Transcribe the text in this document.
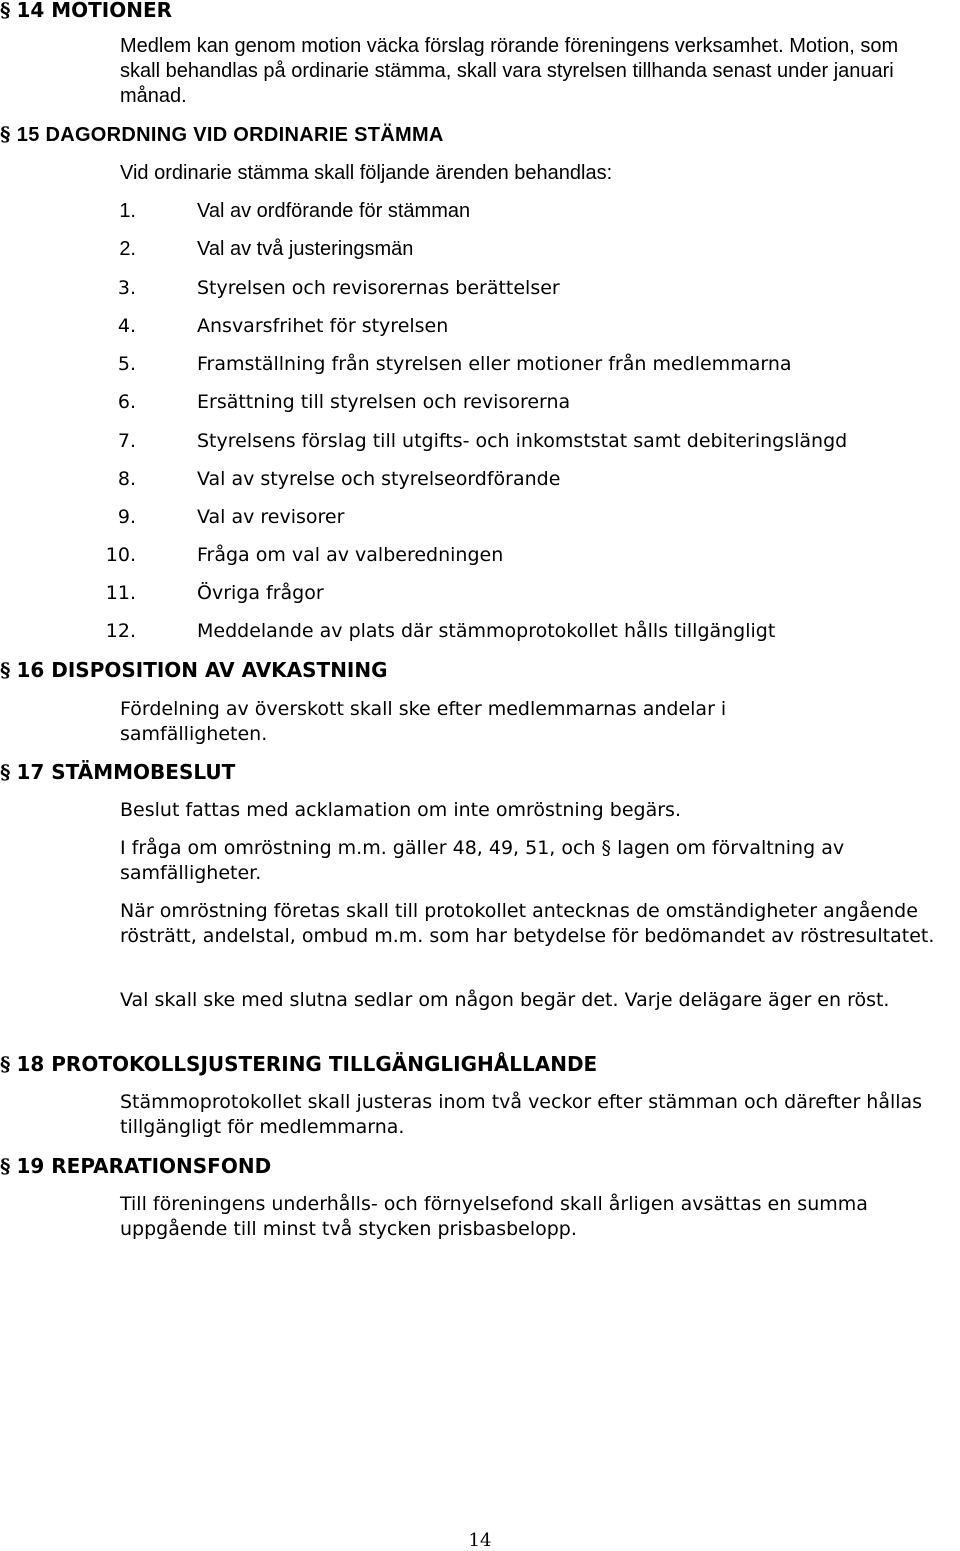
§ 14 MOTIONER

Medlem kan genom motion väcka förslag rörande föreningens verksamhet. Motion, som skall behandlas på ordinarie stämma, skall vara styrelsen tillhanda senast under januari månad.

§ 15 DAGORDNING VID ORDINARIE STÄMMA

Vid ordinarie stämma skall följande ärenden behandlas:

1.	Val av ordförande för stämman
2.	Val av två justeringsmän
3.	Styrelsen och revisorernas berättelser
4.	Ansvarsfrihet för styrelsen
5.	Framställning från styrelsen eller motioner från medlemmarna
6.	Ersättning till styrelsen och revisorerna
7.	Styrelsens förslag till utgifts- och inkomststat samt debiteringslängd
8.	Val av styrelse och styrelseordförande
9.	Val av revisorer
10.	Fråga om val av valberedningen
11.	Övriga frågor
12.	Meddelande av plats där stämmoprotokollet hålls tillgängligt
§ 16 DISPOSITION AV AVKASTNING

Fördelning av överskott skall ske efter medlemmarnas andelar i samfälligheten.

§ 17 STÄMMOBESLUT

Beslut fattas med acklamation om inte omröstning begärs.

I fråga om omröstning m.m. gäller 48, 49, 51, och § lagen om förvaltning av samfälligheter.

När omröstning företas skall till protokollet antecknas de omständigheter angående rösträtt, andelstal, ombud m.m. som har betydelse för bedömandet av röstresultatet.

Val skall ske med slutna sedlar om någon begär det. Varje delägare äger en röst.

§ 18 PROTOKOLLSJUSTERING TILLGÄNGLIGHÅLLANDE

Stämmoprotokollet skall justeras inom två veckor efter stämman och därefter hållas tillgängligt för medlemmarna.

§ 19 REPARATIONSFOND

Till föreningens underhålls- och förnyelsefond skall årligen avsättas en summa uppgående till minst två stycken prisbasbelopp.

14
